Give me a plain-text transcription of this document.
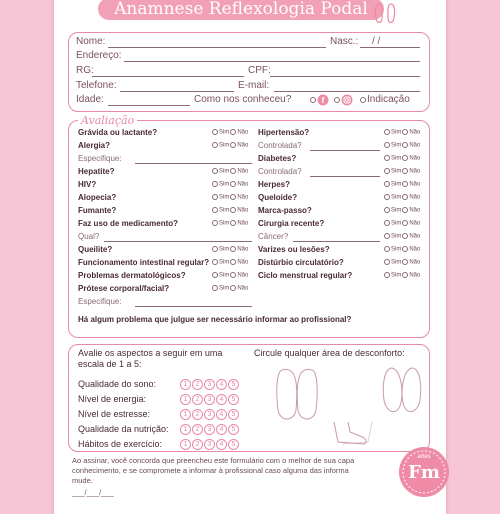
Anamnese Reflexologia Podal
Nome:	Nasc.: / /
Endereço:
RG:	CPF:
Telefone:	E-mail:
Idade:	Como nos conheceu?	f	Indicação
Avaliação
Grávida ou lactante?	Sim Não
Alergia?	Sim Não
Especifique:
Hepatite?	Sim Não
HIV?	Sim Não
Alopecia?	Sim Não
Fumante?	Sim Não
Faz uso de medicamento?	Sim Não
Qual?
Queilite?	Sim Não
Funcionamento intestinal regular?	Sim Não
Problemas dermatológicos?	Sim Não
Prótese corporal/facial?	Sim Não
Especifique:
Hipertensão?	Sim Não
Controlada?	Sim Não
Diabetes?	Sim Não
Controlada?	Sim Não
Herpes?	Sim Não
Queloide?	Sim Não
Marca-passo?	Sim Não
Cirurgia recente?	Sim Não
Câncer?	Sim Não
Varizes ou lesões?	Sim Não
Distúrbio circulatório?	Sim Não
Ciclo menstrual regular?	Sim Não
Há algum problema que julgue ser necessário informar ao profissional?
Avalie os aspectos a seguir em uma
escala de 1 a 5:
Circule qualquer área de desconforto:
Qualidade do sono:	1 2 3 4 5
Nível de energia:	1 2 3 4 5
Nível de estresse:	1 2 3 4 5
Qualidade da nutrição:	1 2 3 4 5
Hábitos de exercício:	1 2 3 4 5
Ao assinar, você concorda que preencheu este formulário com o melhor de sua capa
conhecimento, e se compromete a informar à profissional caso alguma das informa
mude.
___/___/___
Fm
artes
